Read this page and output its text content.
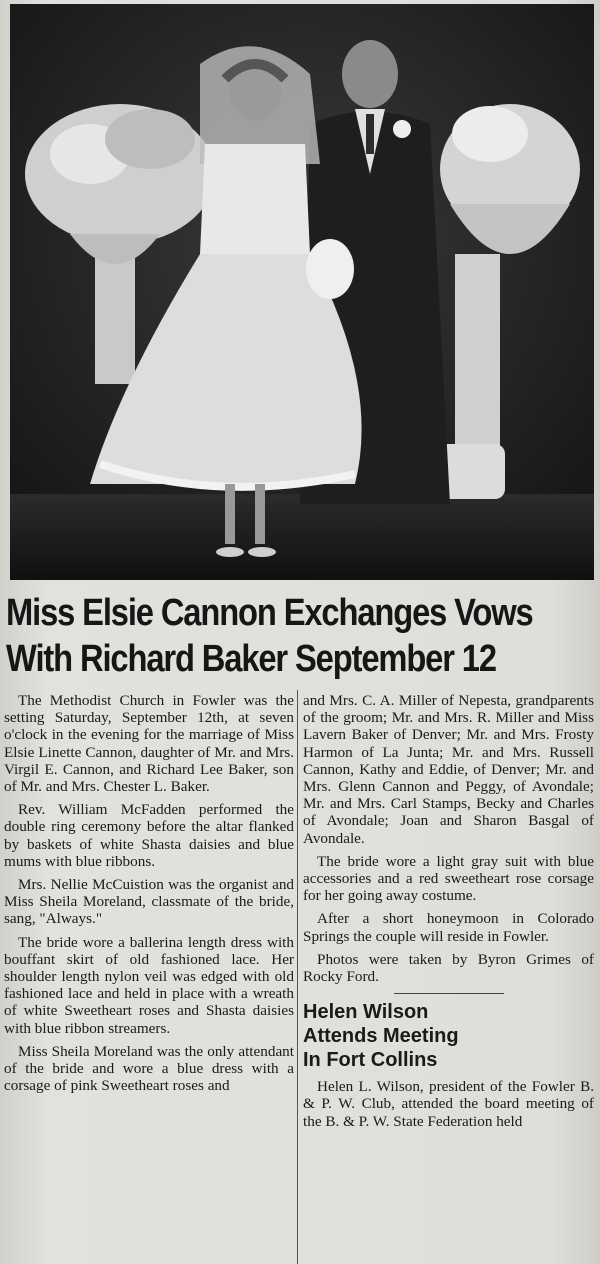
Miss Elsie Cannon Exchanges Vows
With Richard Baker September 12

The Methodist Church in Fowler was the setting Saturday, September 12th, at seven o'clock in the evening for the marriage of Miss Elsie Linette Cannon, daughter of Mr. and Mrs. Virgil E. Cannon, and Richard Lee Baker, son of Mr. and Mrs. Chester L. Baker.

Rev. William McFadden performed the double ring ceremony before the altar flanked by baskets of white Shasta daisies and blue mums with blue ribbons.

Mrs. Nellie McCuistion was the organist and Miss Sheila Moreland, classmate of the bride, sang, "Always."

The bride wore a ballerina length dress with bouffant skirt of old fashioned lace. Her shoulder length nylon veil was edged with old fashioned lace and held in place with a wreath of white Sweetheart roses and Shasta daisies with blue ribbon streamers.

Miss Sheila Moreland was the only attendant of the bride and wore a blue dress with a corsage of pink Sweetheart roses and

and Mrs. C. A. Miller of Nepesta, grandparents of the groom; Mr. and Mrs. R. Miller and Miss Lavern Baker of Denver; Mr. and Mrs. Frosty Harmon of La Junta; Mr. and Mrs. Russell Cannon, Kathy and Eddie, of Denver; Mr. and Mrs. Glenn Cannon and Peggy, of Avondale; Mr. and Mrs. Carl Stamps, Becky and Charles of Avondale; Joan and Sharon Basgal of Avondale.

The bride wore a light gray suit with blue accessories and a red sweetheart rose corsage for her going away costume.

After a short honeymoon in Colorado Springs the couple will reside in Fowler.

Photos were taken by Byron Grimes of Rocky Ford.

Helen Wilson
Attends Meeting
In Fort Collins

Helen L. Wilson, president of the Fowler B. & P. W. Club, attended the board meeting of the B. & P. W. State Federation held
